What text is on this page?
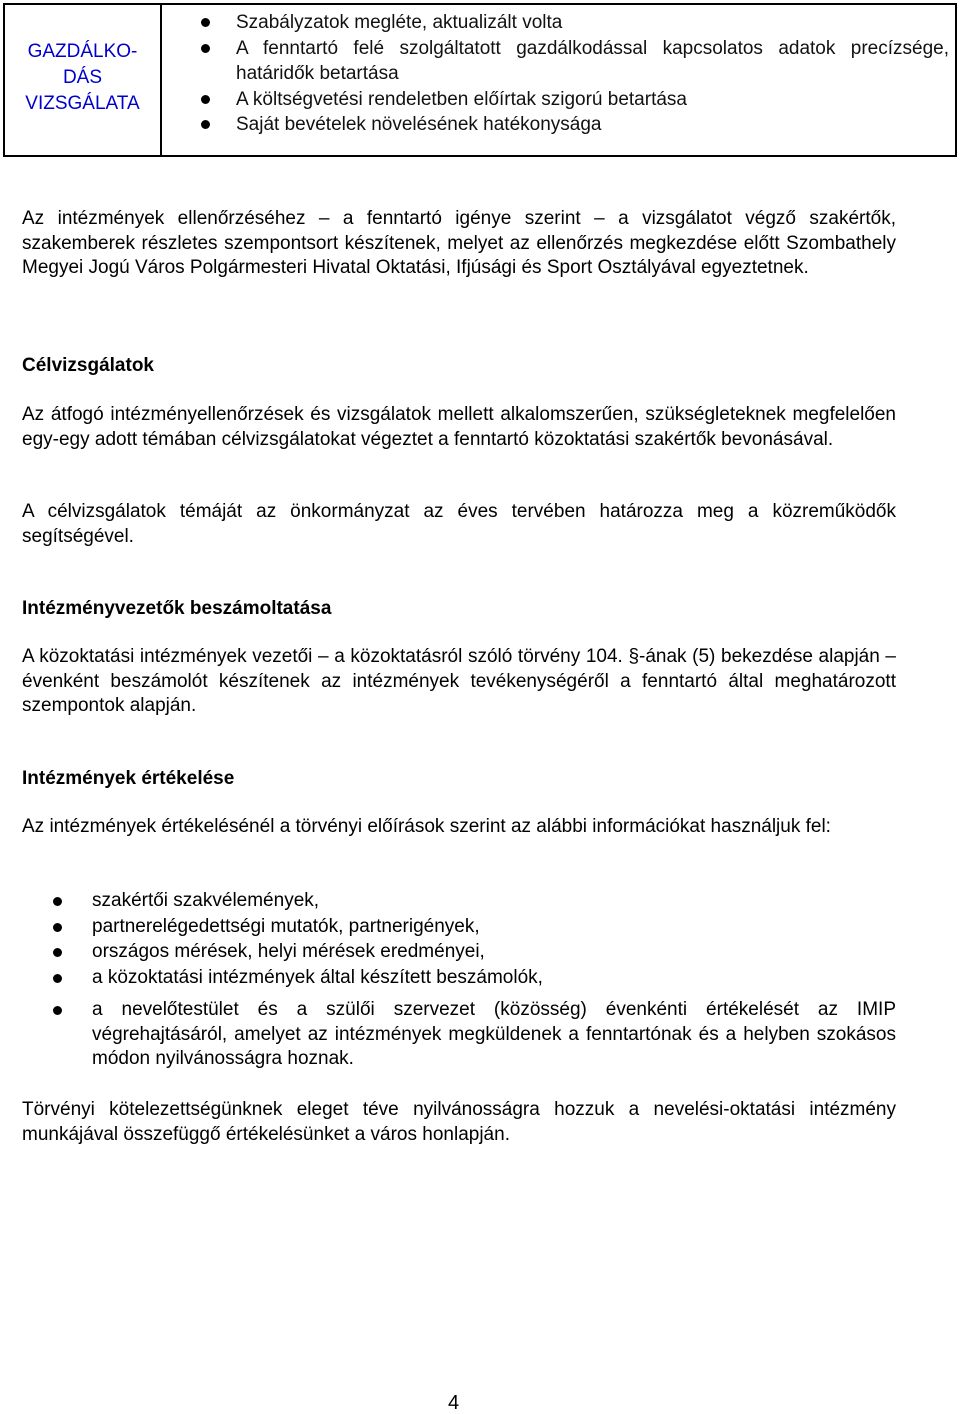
GAZDÁLKO-
DÁS
VIZSGÁLATA
Szabályzatok megléte, aktualizált volta
A fenntartó felé szolgáltatott gazdálkodással kapcsolatos adatok precízsége, határidők betartása
A költségvetési rendeletben előírtak szigorú betartása
Saját bevételek növelésének hatékonysága

Az intézmények ellenőrzéséhez – a fenntartó igénye szerint – a vizsgálatot végző szakértők, szakemberek részletes szempontsort készítenek, melyet az ellenőrzés megkezdése előtt Szombathely Megyei Jogú Város Polgármesteri Hivatal Oktatási, Ifjúsági és Sport Osztályával egyeztetnek.

Célvizsgálatok

Az átfogó intézményellenőrzések és vizsgálatok mellett alkalomszerűen, szükségleteknek megfelelően egy-egy adott témában célvizsgálatokat végeztet a fenntartó közoktatási szakértők bevonásával.

A célvizsgálatok témáját az önkormányzat az éves tervében határozza meg a közreműködők segítségével.

Intézményvezetők beszámoltatása

A közoktatási intézmények vezetői – a közoktatásról szóló törvény 104. §-ának (5) bekezdése alapján – évenként beszámolót készítenek az intézmények tevékenységéről a fenntartó által meghatározott szempontok alapján.

Intézmények értékelése

Az intézmények értékelésénél a törvényi előírások szerint az alábbi információkat használjuk fel:

szakértői szakvélemények,
partnerelégedettségi mutatók, partnerigények,
országos mérések, helyi mérések eredményei,
a közoktatási intézmények által készített beszámolók,
a nevelőtestület és a szülői szervezet (közösség) évenkénti értékelését az IMIP végrehajtásáról, amelyet az intézmények megküldenek a fenntartónak és a helyben szokásos módon nyilvánosságra hoznak.

Törvényi kötelezettségünknek eleget téve nyilvánosságra hozzuk a nevelési-oktatási intézmény munkájával összefüggő értékelésünket a város honlapján.

4
